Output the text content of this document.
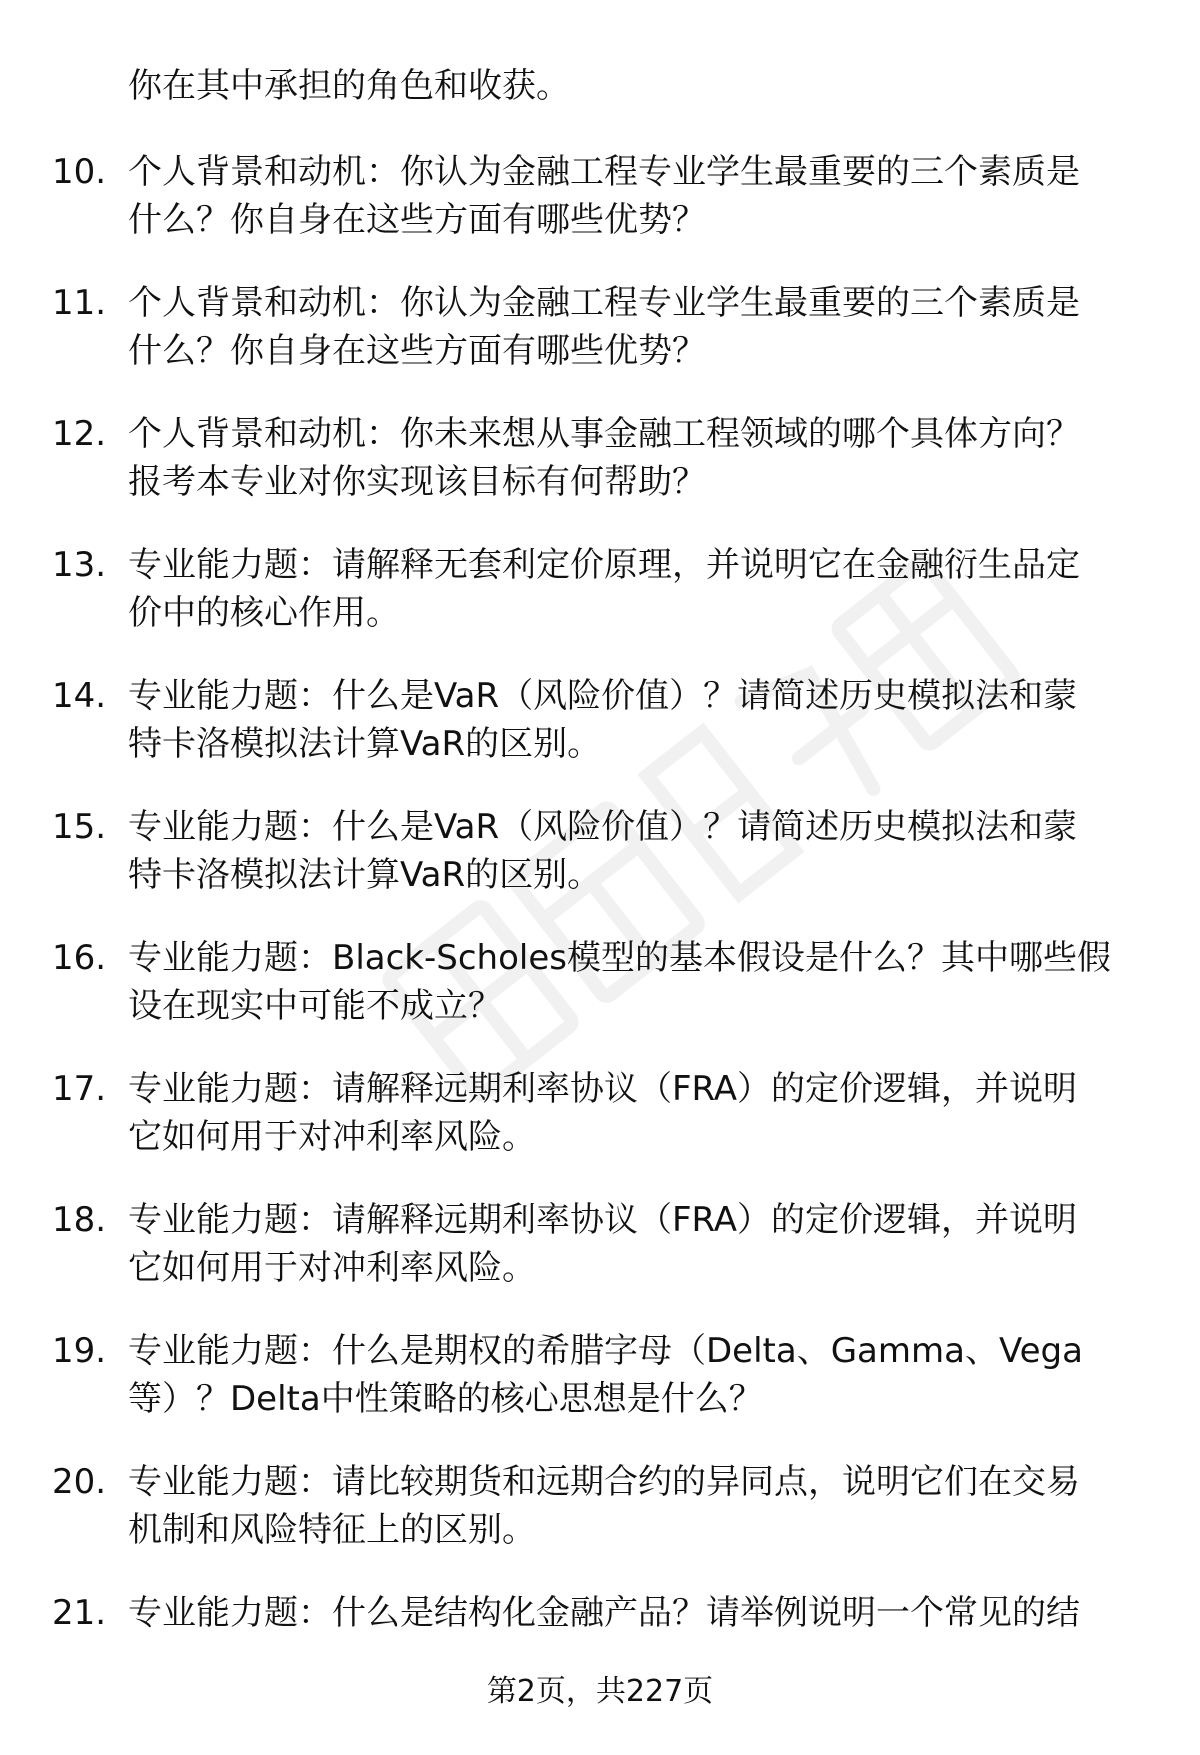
你在其中承担的角色和收获。
10. 个人背景和动机：你认为金融工程专业学生最重要的三个素质是
什么？你自身在这些方面有哪些优势？
11. 个人背景和动机：你认为金融工程专业学生最重要的三个素质是
什么？你自身在这些方面有哪些优势？
12. 个人背景和动机：你未来想从事金融工程领域的哪个具体方向？
报考本专业对你实现该目标有何帮助？
13. 专业能力题：请解释无套利定价原理，并说明它在金融衍生品定
价中的核心作用。
14. 专业能力题：什么是VaR（风险价值）？请简述历史模拟法和蒙
特卡洛模拟法计算VaR的区别。
15. 专业能力题：什么是VaR（风险价值）？请简述历史模拟法和蒙
特卡洛模拟法计算VaR的区别。
16. 专业能力题：Black-Scholes模型的基本假设是什么？其中哪些假
设在现实中可能不成立？
17. 专业能力题：请解释远期利率协议（FRA）的定价逻辑，并说明
它如何用于对冲利率风险。
18. 专业能力题：请解释远期利率协议（FRA）的定价逻辑，并说明
它如何用于对冲利率风险。
19. 专业能力题：什么是期权的希腊字母（Delta、Gamma、Vega
等）？Delta中性策略的核心思想是什么？
20. 专业能力题：请比较期货和远期合约的异同点，说明它们在交易
机制和风险特征上的区别。
21. 专业能力题：什么是结构化金融产品？请举例说明一个常见的结
第2页，共227页
